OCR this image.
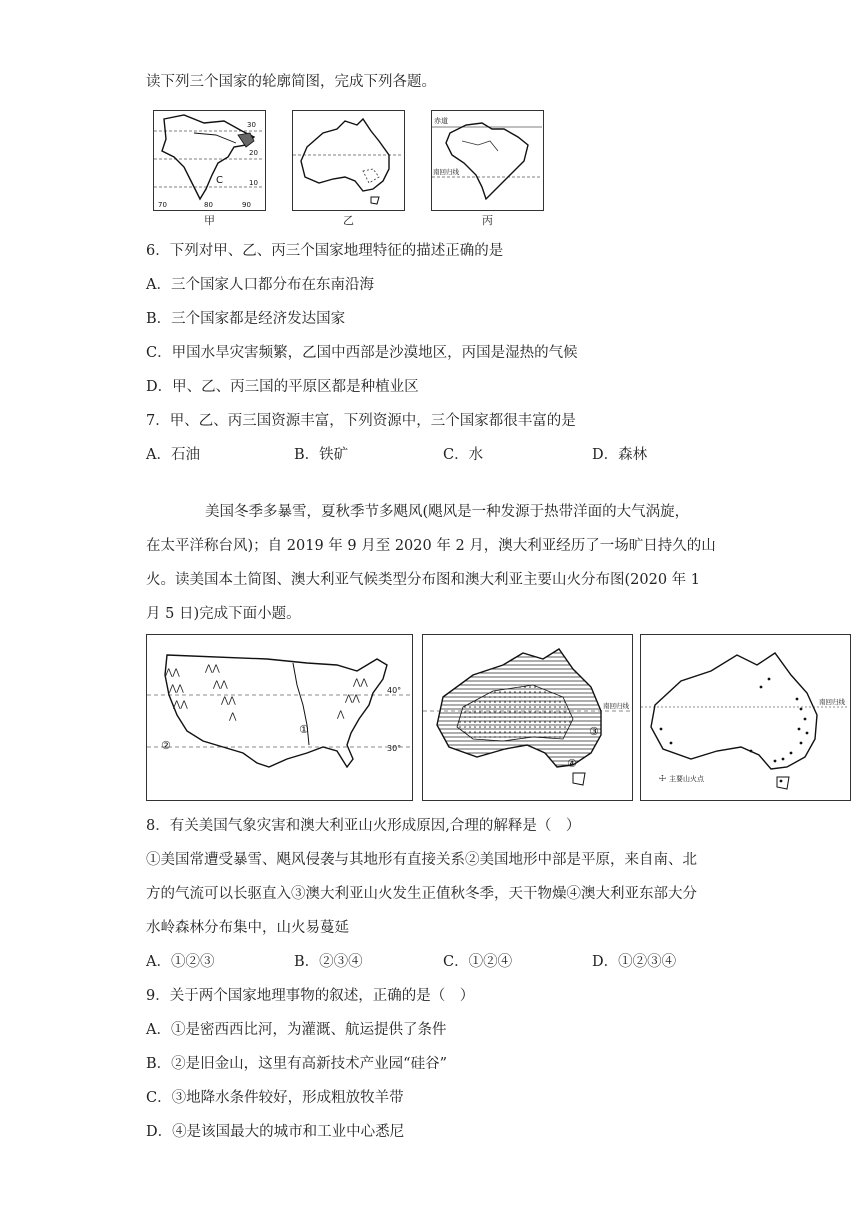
读下列三个国家的轮廓简图，完成下列各题。
C
30
20
10
70	80	90
甲	乙
赤道
南回归线
丙
6．下列对甲、乙、丙三个国家地理特征的描述正确的是
A．三个国家人口都分布在东南沿海
B．三个国家都是经济发达国家
C．甲国水旱灾害频繁，乙国中西部是沙漠地区，丙国是湿热的气候
D．甲、乙、丙三国的平原区都是种植业区
7．甲、乙、丙三国资源丰富，下列资源中，三个国家都很丰富的是
A．石油	B．铁矿	C．水	D．森林
美国冬季多暴雪，夏秋季节多飓风(飓风是一种发源于热带洋面的大气涡旋，
在太平洋称台风)；自 2019 年 9 月至 2020 年 2 月，澳大利亚经历了一场旷日持久的山
火。读美国本土简图、澳大利亚气候类型分布图和澳大利亚主要山火分布图(2020 年 1
月 5 日)完成下面小题。
⋀⋀
⋀⋀
⋀⋀
⋀⋀
⋀⋀
⋀⋀
⋀
⋀⋀
⋀⋀
⋀
①
②
40°
30°
③
④
南回归线	南回归线
☩ 主要山火点
8．有关美国气象灾害和澳大利亚山火形成原因,合理的解释是（　）
①美国常遭受暴雪、飓风侵袭与其地形有直接关系②美国地形中部是平原，来自南、北
方的气流可以长驱直入③澳大利亚山火发生正值秋冬季，天干物燥④澳大利亚东部大分
水岭森林分布集中，山火易蔓延
A．①②③	B．②③④	C．①②④	D．①②③④
9．关于两个国家地理事物的叙述，正确的是（　）
A．①是密西西比河，为灌溉、航运提供了条件
B．②是旧金山，这里有高新技术产业园“硅谷”
C．③地降水条件较好，形成粗放牧羊带
D．④是该国最大的城市和工业中心悉尼
